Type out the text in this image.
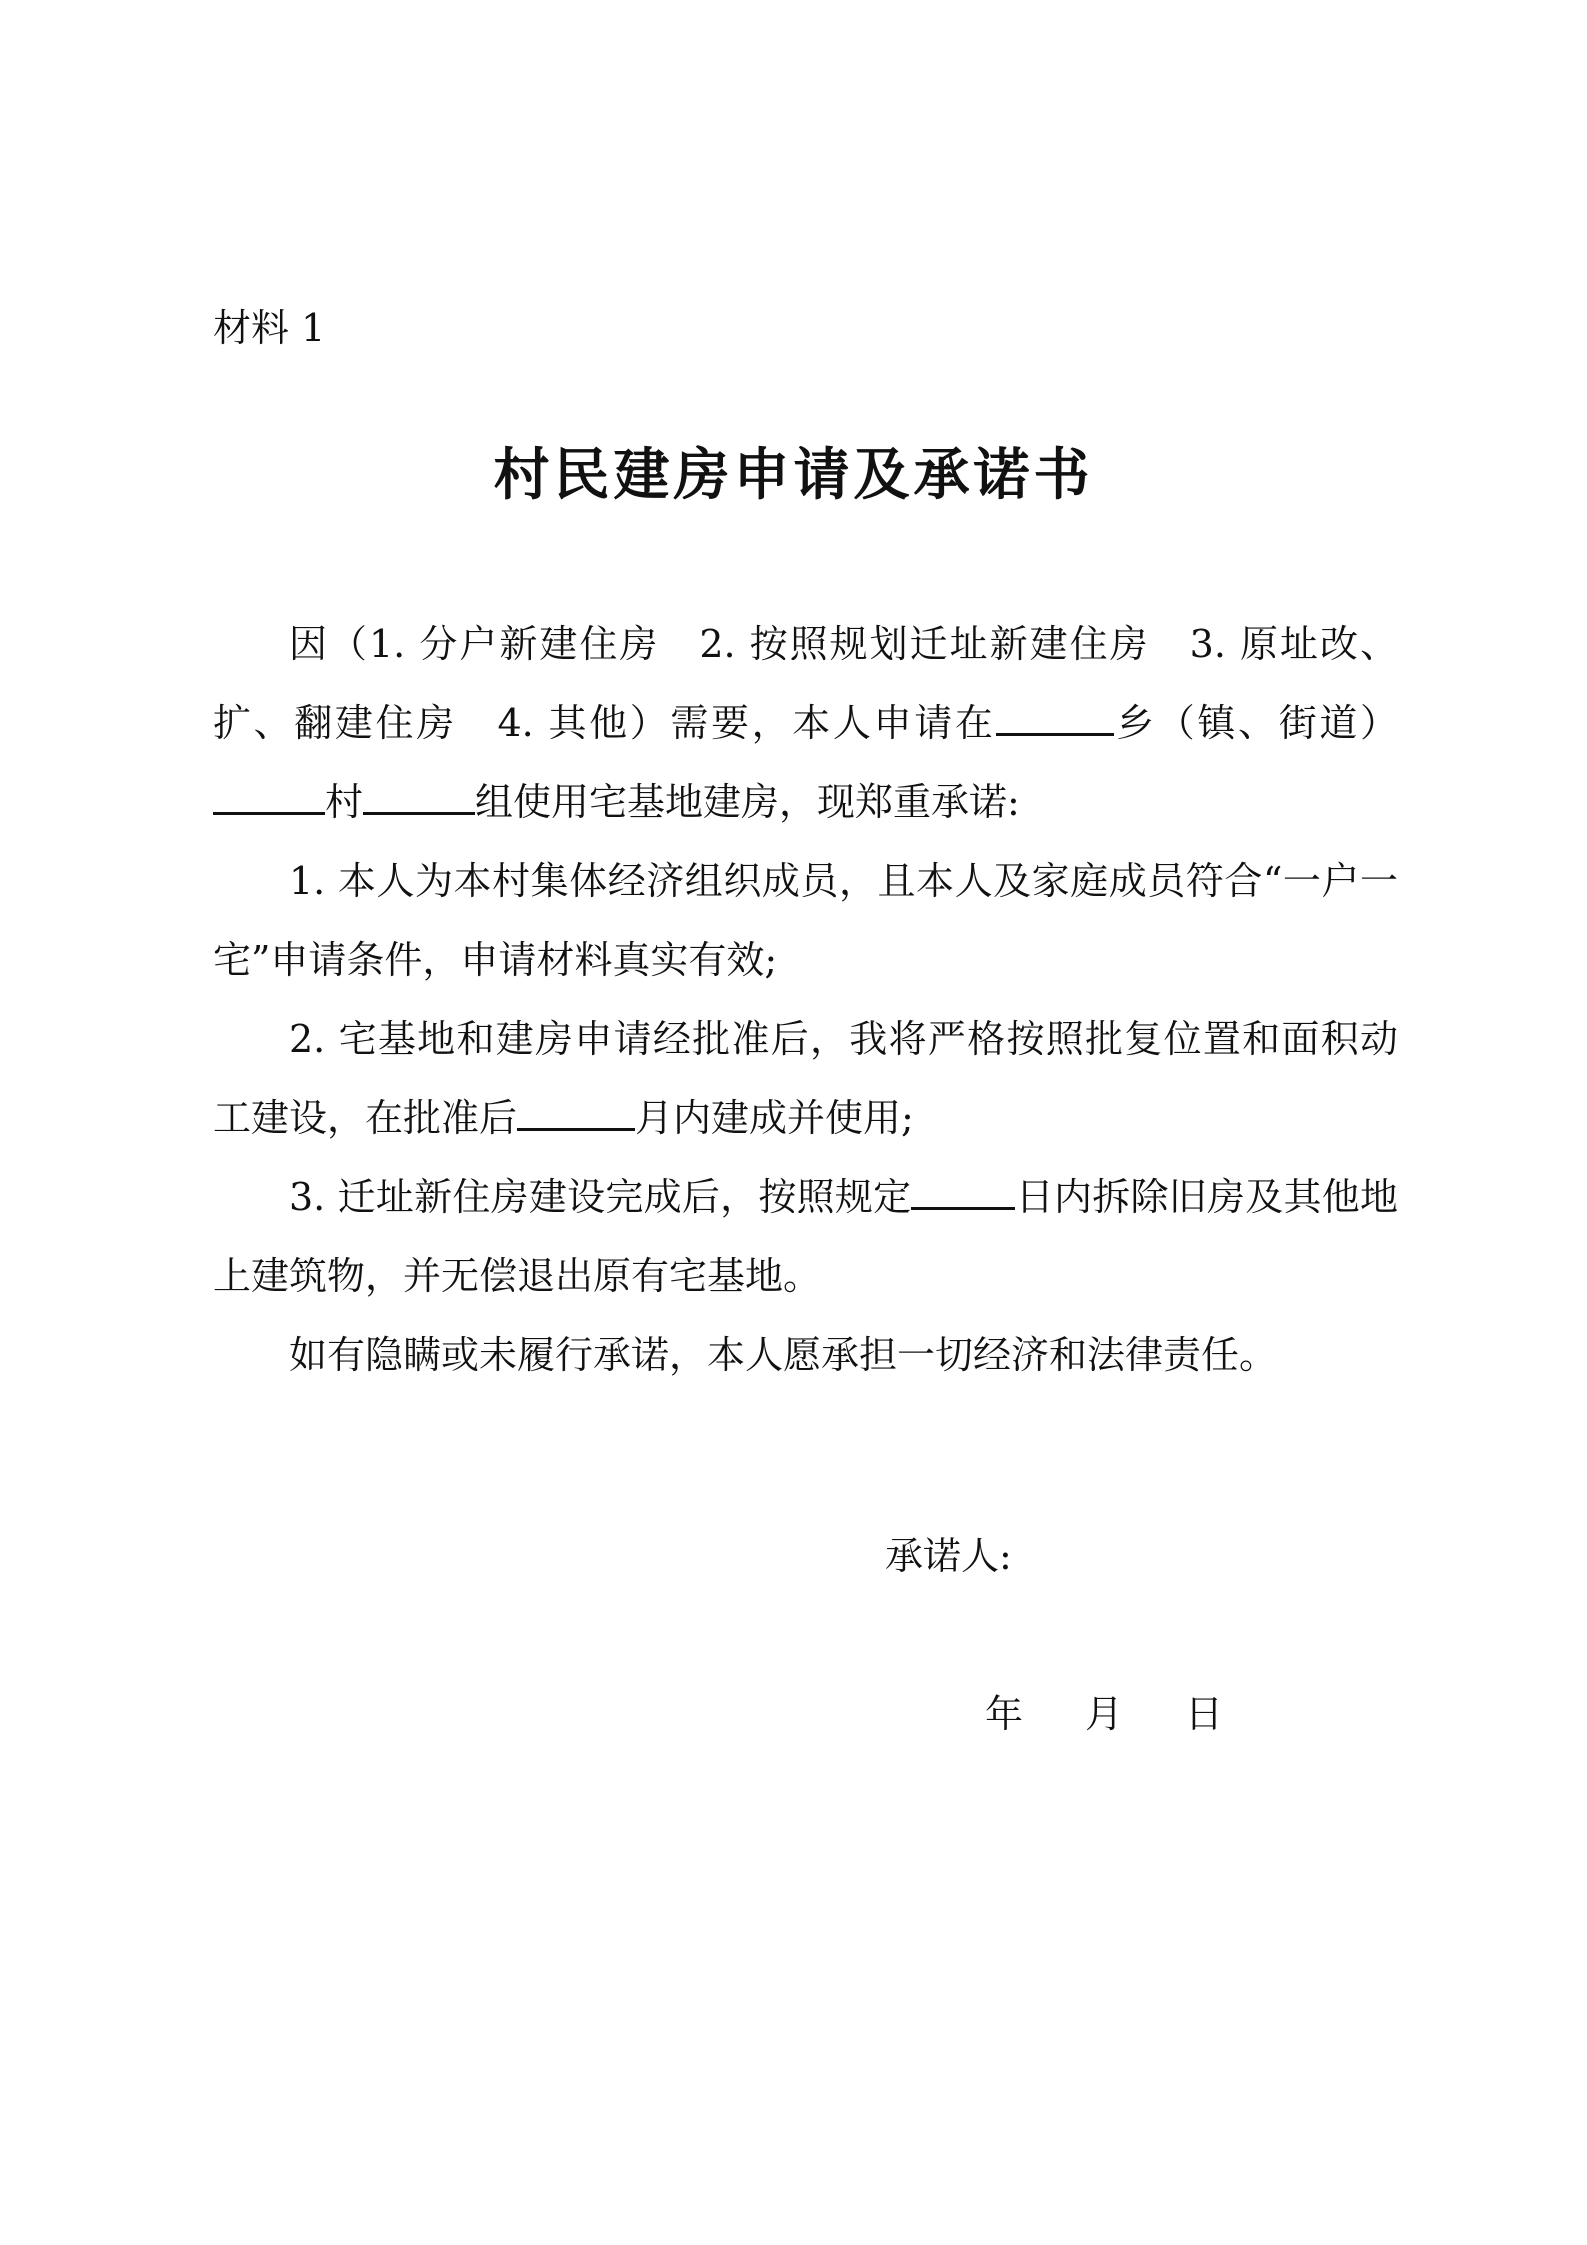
材料 1
村民建房申请及承诺书

因（1. 分户新建住房　2. 按照规划迁址新建住房　3. 原址改、扩、翻建住房　4. 其他）需要，本人申请在	乡（镇、街道）村	组使用宅基地建房，现郑重承诺:

1. 本人为本村集体经济组织成员，且本人及家庭成员符合“一户一宅”申请条件，申请材料真实有效;

2. 宅基地和建房申请经批准后，我将严格按照批复位置和面积动工建设，在批准后	月内建成并使用;

3. 迁址新住房建设完成后，按照规定	日内拆除旧房及其他地上建筑物，并无偿退出原有宅基地。

如有隐瞒或未履行承诺，本人愿承担一切经济和法律责任。

承诺人:
年 月 日
